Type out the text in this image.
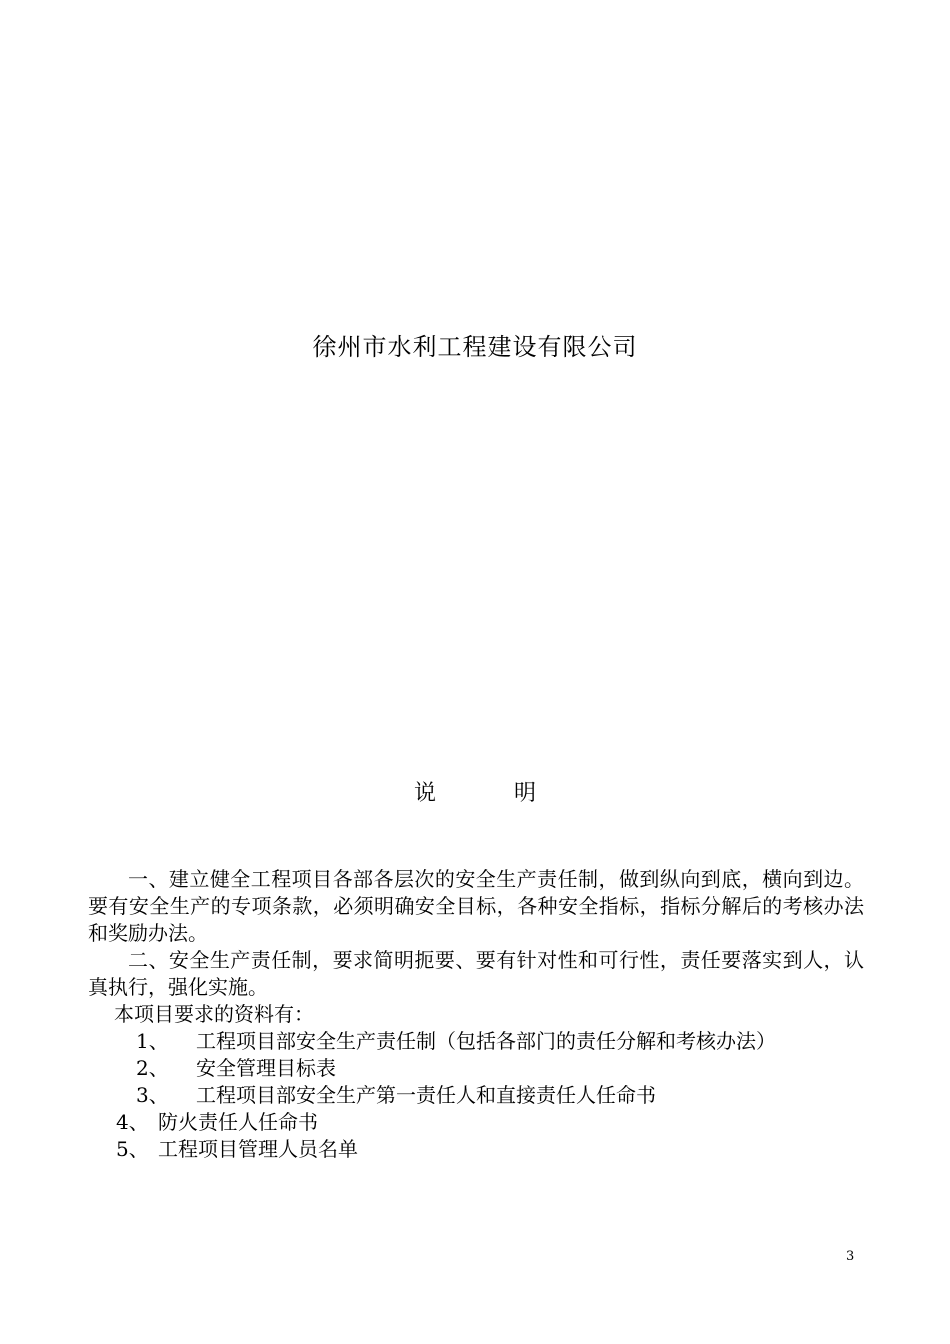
徐州市水利工程建设有限公司
说	明

一、建立健全工程项目各部各层次的安全生产责任制，做到纵向到底，横向到边。要有安全生产的专项条款，必须明确安全目标，各种安全指标，指标分解后的考核办法和奖励办法。

二、安全生产责任制，要求简明扼要、要有针对性和可行性，责任要落实到人，认真执行，强化实施。

本项目要求的资料有：

1、 工程项目部安全生产责任制（包括各部门的责任分解和考核办法）

2、 安全管理目标表

3、 工程项目部安全生产第一责任人和直接责任人任命书

4、 防火责任人任命书

5、 工程项目管理人员名单

3
